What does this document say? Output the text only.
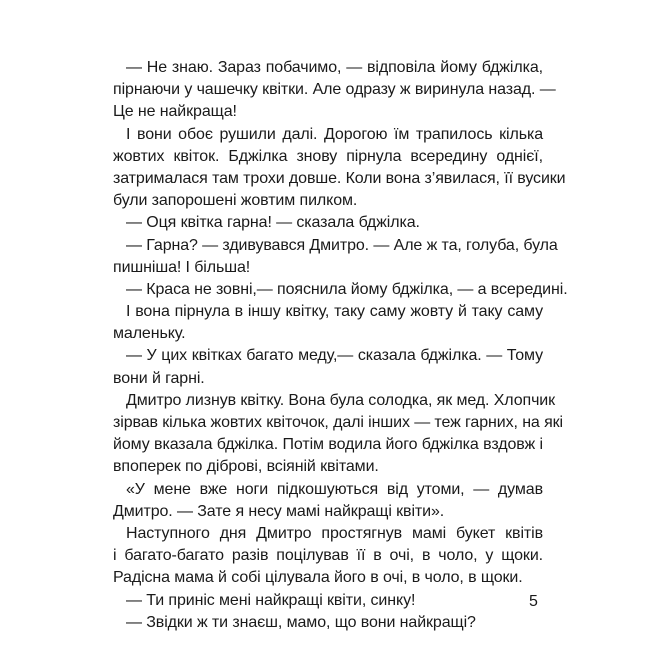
— Не знаю. Зараз побачимо, — відповіла йому бджілка,
пірнаючи у чашечку квітки. Але одразу ж виринула назад. —
Це не найкраща!
І вони обоє рушили далі. Дорогою їм трапилось кілька
жовтих квіток. Бджілка знову пірнула всередину однієї,
затрималася там трохи довше. Коли вона з’явилася, її вусики
були запорошені жовтим пилком.
— Оця квітка гарна! — сказала бджілка.
— Гарна? — здивувався Дмитро. — Але ж та, голуба, була
пишніша! І більша!
— Краса не зовні,— пояснила йому бджілка, — а всередині.
І вона пірнула в іншу квітку, таку саму жовту й таку саму
маленьку.
— У цих квітках багато меду,— сказала бджілка. — Тому
вони й гарні.
Дмитро лизнув квітку. Вона була солодка, як мед. Хлопчик
зірвав кілька жовтих квіточок, далі інших — теж гарних, на які
йому вказала бджілка. Потім водила його бджілка вздовж і
впоперек по діброві, всіяній квітами.
«У мене вже ноги підкошуються від утоми, — думав
Дмитро. — Зате я несу мамі найкращі квіти».
Наступного дня Дмитро простягнув мамі букет квітів
і багато-багато разів поцілував її в очі, в чоло, у щоки.
Радісна мама й собі цілувала його в очі, в чоло, в щоки.
— Ти приніс мені найкращі квіти, синку!
— Звідки ж ти знаєш, мамо, що вони найкращі?
5
